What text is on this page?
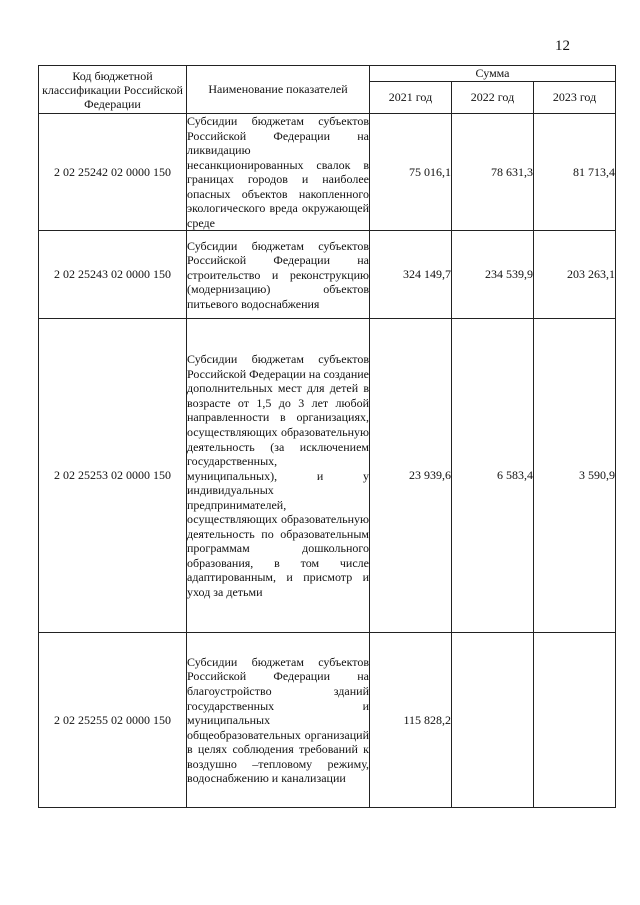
12
Код бюджетной классификации Российской Федерации	Наименование показателей	Сумма		
		2021 год	2022 год	2023 год
2 02 25242 02 0000 150	Субсидии бюджетам субъектов Российской Федерации на ликвидацию несанкционированных свалок в границах городов и наиболее опасных объектов накопленного экологического вреда окружающей среде	75 016,1	78 631,3	81 713,4
2 02 25243 02 0000 150	Субсидии бюджетам субъектов Российской Федерации на строительство и реконструкцию (модернизацию) объектов питьевого водоснабжения	324 149,7	234 539,9	203 263,1
2 02 25253 02 0000 150	Субсидии бюджетам субъектов Российской Федерации на создание дополнительных мест для детей в возрасте от 1,5 до 3 лет любой направленности в организациях, осуществляющих образовательную деятельность (за исключением государственных, муниципальных), и у индивидуальных предпринимателей, осуществляющих образовательную деятельность по образовательным программам дошкольного образования, в том числе адаптированным, и присмотр и уход за детьми	23 939,6	6 583,4	3 590,9
2 02 25255 02 0000 150	Субсидии бюджетам субъектов Российской Федерации на благоустройство зданий государственных и муниципальных общеобразовательных организаций в целях соблюдения требований к воздушно –тепловому режиму, водоснабжению и канализации	115 828,2		
